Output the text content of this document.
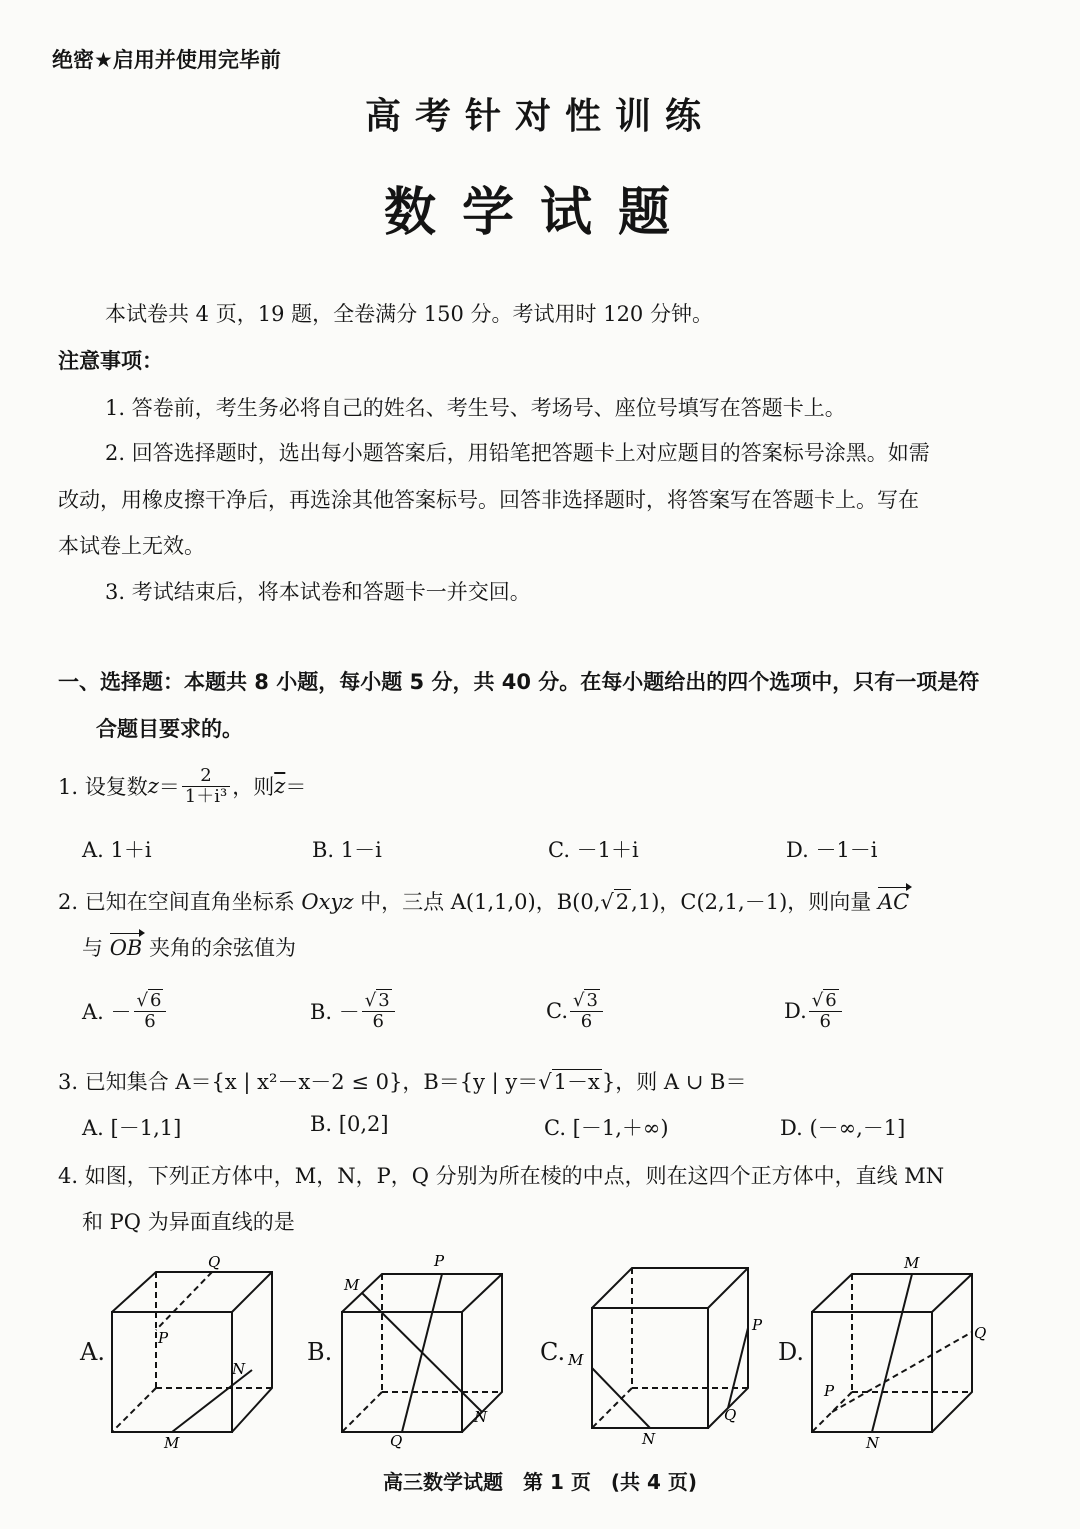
绝密★启用并使用完毕前
高考针对性训练
数学试题
本试卷共 4 页，19 题，全卷满分 150 分。考试用时 120 分钟。
注意事项：
1. 答卷前，考生务必将自己的姓名、考生号、考场号、座位号填写在答题卡上。
2. 回答选择题时，选出每小题答案后，用铅笔把答题卡上对应题目的答案标号涂黑。如需
改动，用橡皮擦干净后，再选涂其他答案标号。回答非选择题时，将答案写在答题卡上。写在
本试卷上无效。
3. 考试结束后，将本试卷和答题卡一并交回。
一、选择题：本题共 8 小题，每小题 5 分，共 40 分。在每小题给出的四个选项中，只有一项是符
合题目要求的。
1. 设复数 $z = \frac{2}{\text{1＋i³}}$ ，则 $\overline{z}$ ＝
A. 1＋i	B. 1－i	C. －1＋i	D. －1－i
2. 已知在空间直角坐标系 Oxyz 中，三点 A(1,1,0)，B(0,√2,1)，C(2,1,－1)，则向量 AC
与 OB 夹角的余弦值为
A. － $\frac{√ 6}{6}$	B. － $\frac{√ 3}{6}$	C. $\frac{√ 3}{6}$	D. $\frac{√ 6}{6}$
3. 已知集合 A＝{x | x²－x－2 ≤ 0}，B＝{y | y＝√1－x}，则 A ∪ B＝
A. [－1,1]	B. [0,2]	C. [－1,＋∞)	D. (－∞,－1]
4. 如图，下列正方体中，M，N，P，Q 分别为所在棱的中点，则在这四个正方体中，直线 MN
和 PQ 为异面直线的是
A.	B.	C.	D.
Q
P
N
M
P
M
N
Q
M
N
P
Q
M
Q
P
N
高三数学试题　第 1 页　(共 4 页)
